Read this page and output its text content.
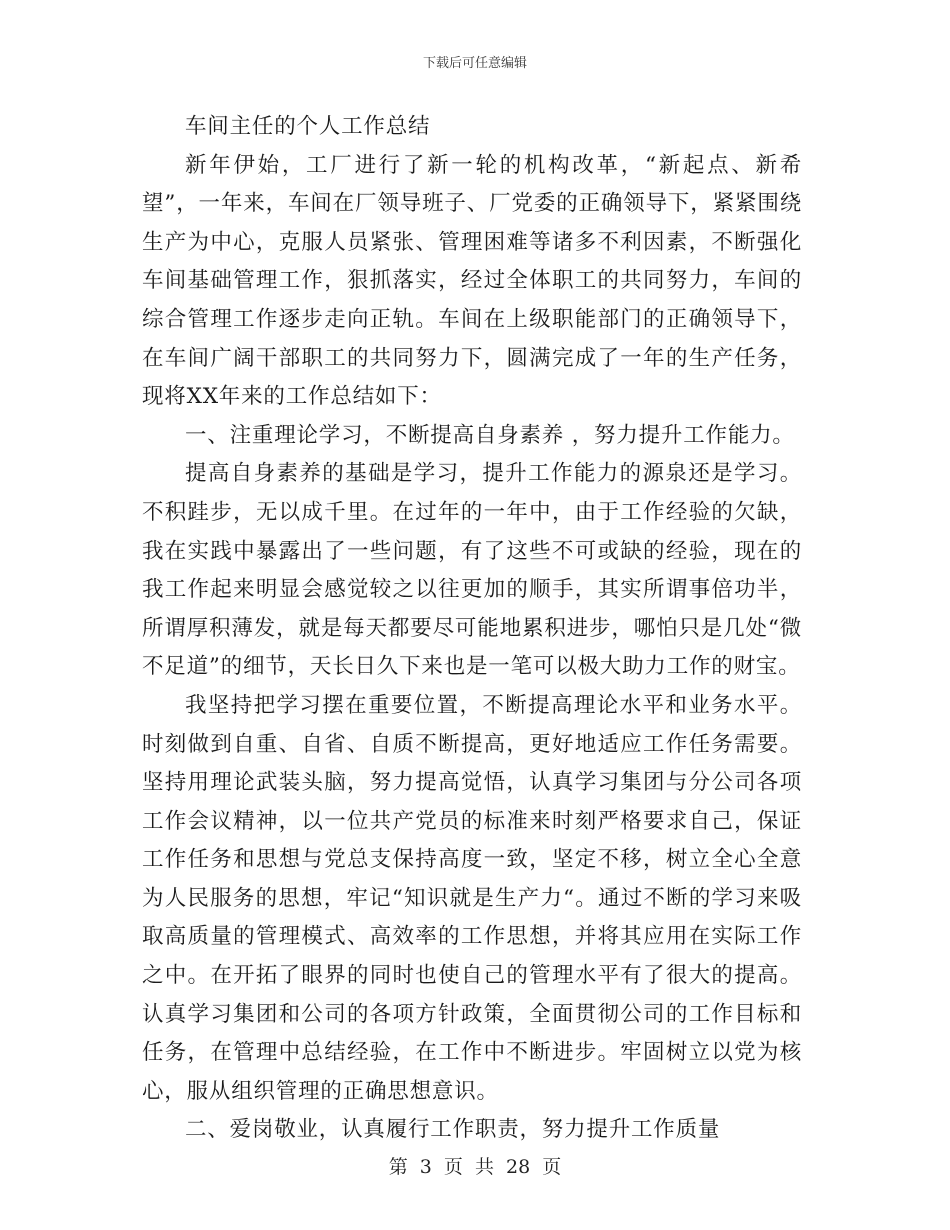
下载后可任意编辑

车间主任的个人工作总结

新年伊始，工厂进行了新一轮的机构改革，“新起点、新希望”，一年来，车间在厂领导班子、厂党委的正确领导下，紧紧围绕生产为中心，克服人员紧张、管理困难等诸多不利因素，不断强化车间基础管理工作，狠抓落实，经过全体职工的共同努力，车间的综合管理工作逐步走向正轨。车间在上级职能部门的正确领导下，在车间广阔干部职工的共同努力下，圆满完成了一年的生产任务，现将XX年来的工作总结如下：

一、注重理论学习，不断提高自身素养 ，努力提升工作能力。

提高自身素养的基础是学习，提升工作能力的源泉还是学习。不积跬步，无以成千里。在过年的一年中，由于工作经验的欠缺，我在实践中暴露出了一些问题，有了这些不可或缺的经验，现在的我工作起来明显会感觉较之以往更加的顺手，其实所谓事倍功半，所谓厚积薄发，就是每天都要尽可能地累积进步，哪怕只是几处“微不足道”的细节，天长日久下来也是一笔可以极大助力工作的财宝。

我坚持把学习摆在重要位置，不断提高理论水平和业务水平。时刻做到自重、自省、自质不断提高，更好地适应工作任务需要。坚持用理论武装头脑，努力提高觉悟，认真学习集团与分公司各项工作会议精神，以一位共产党员的标准来时刻严格要求自己，保证工作任务和思想与党总支保持高度一致，坚定不移，树立全心全意为人民服务的思想，牢记“知识就是生产力“。通过不断的学习来吸取高质量的管理模式、高效率的工作思想，并将其应用在实际工作之中。在开拓了眼界的同时也使自己的管理水平有了很大的提高。认真学习集团和公司的各项方针政策，全面贯彻公司的工作目标和任务，在管理中总结经验，在工作中不断进步。牢固树立以党为核心，服从组织管理的正确思想意识。

二、爱岗敬业，认真履行工作职责，努力提升工作质量

第 3 页 共 28 页
